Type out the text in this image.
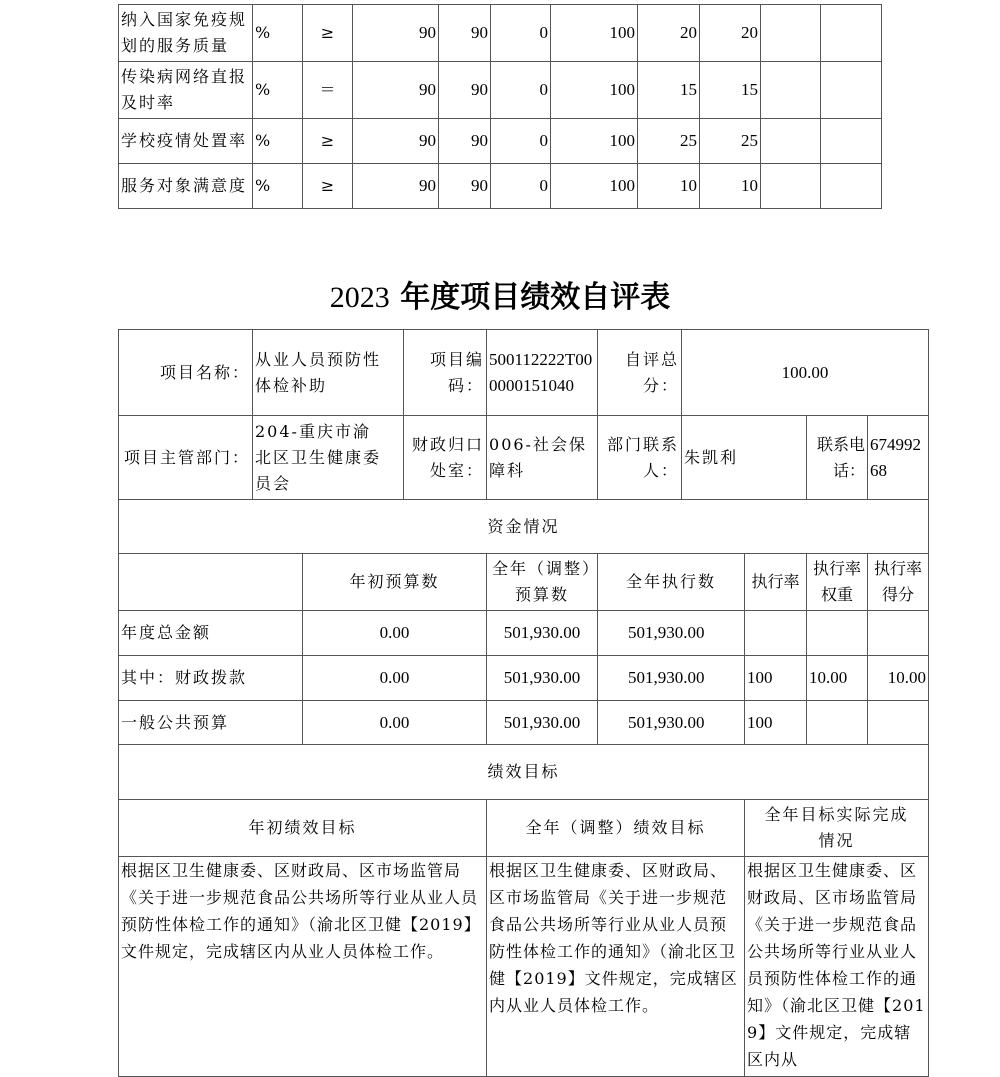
纳入国家免疫规划的服务质量	%	≥	90	90	0	100	20	20		
传染病网络直报及时率	%	＝	90	90	0	100	15	15		
学校疫情处置率	%	≥	90	90	0	100	25	25		
服务对象满意度	%	≥	90	90	0	100	10	10		
2023 年度项目绩效自评表
项目名称：	从业人员预防性体检补助		项目编码：	500112222T000000151040	自评总分：	100.00			
项目主管部门：	204-重庆市渝北区卫生健康委员会		财政归口处室：	006-社会保障科	部门联系人：	朱凯利		联系电话：	67499268
资金情况									
		年初预算数		全年（调整）预算数	全年执行数		执行率	执行率权重	执行率得分
年度总金额		0.00		501,930.00	501,930.00				
其中：财政拨款		0.00		501,930.00	501,930.00		100	10.00	10.00
一般公共预算		0.00		501,930.00	501,930.00		100		
绩效目标									
年初绩效目标				全年（调整）绩效目标			全年目标实际完成情况		
根据区卫生健康委、区财政局、区市场监管局《关于进一步规范食品公共场所等行业从业人员预防性体检工作的通知》（渝北区卫健【2019】文件规定，完成辖区内从业人员体检工作。				根据区卫生健康委、区财政局、区市场监管局《关于进一步规范食品公共场所等行业从业人员预防性体检工作的通知》（渝北区卫健【2019】文件规定，完成辖区内从业人员体检工作。			根据区卫生健康委、区财政局、区市场监管局《关于进一步规范食品公共场所等行业从业人员预防性体检工作的通知》（渝北区卫健【2019】文件规定，完成辖区内从		
